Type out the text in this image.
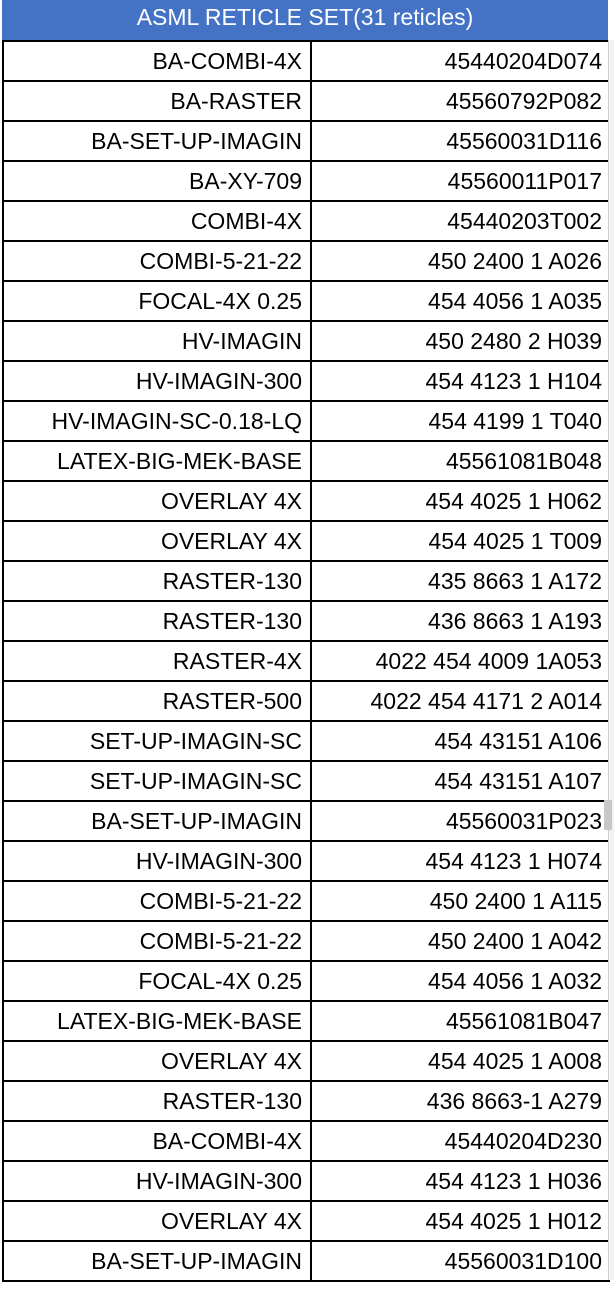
ASML RETICLE SET(31 reticles)
BA-COMBI-4X	45440204D074
BA-RASTER	45560792P082
BA-SET-UP-IMAGIN	45560031D116
BA-XY-709	45560011P017
COMBI-4X	45440203T002
COMBI-5-21-22	450 2400 1 A026
FOCAL-4X 0.25	454 4056 1 A035
HV-IMAGIN	450 2480 2 H039
HV-IMAGIN-300	454 4123 1 H104
HV-IMAGIN-SC-0.18-LQ	454 4199 1 T040
LATEX-BIG-MEK-BASE	45561081B048
OVERLAY 4X	454 4025 1 H062
OVERLAY 4X	454 4025 1 T009
RASTER-130	435 8663 1 A172
RASTER-130	436 8663 1 A193
RASTER-4X	4022 454 4009 1A053
RASTER-500	4022 454 4171 2 A014
SET-UP-IMAGIN-SC	454 43151 A106
SET-UP-IMAGIN-SC	454 43151 A107
BA-SET-UP-IMAGIN	45560031P023
HV-IMAGIN-300	454 4123 1 H074
COMBI-5-21-22	450 2400 1 A115
COMBI-5-21-22	450 2400 1 A042
FOCAL-4X 0.25	454 4056 1 A032
LATEX-BIG-MEK-BASE	45561081B047
OVERLAY 4X	454 4025 1 A008
RASTER-130	436 8663-1 A279
BA-COMBI-4X	45440204D230
HV-IMAGIN-300	454 4123 1 H036
OVERLAY 4X	454 4025 1 H012
BA-SET-UP-IMAGIN	45560031D100
